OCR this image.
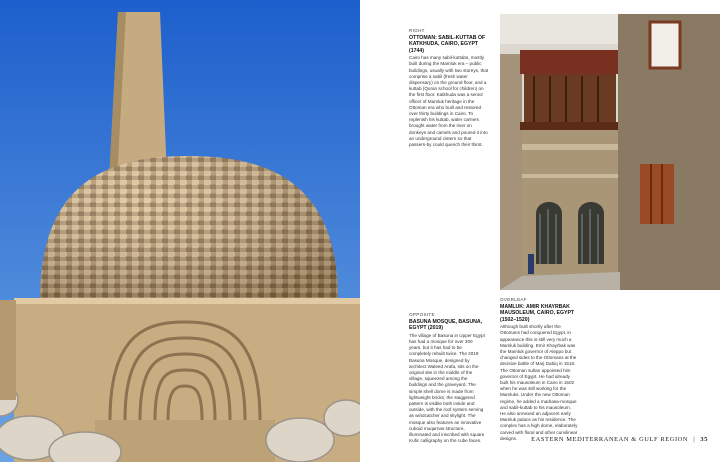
RIGHT
OTTOMAN: SABIL-KUTTAB OF KATKHUDA, CAIRO, EGYPT (1744)
Cairo has many sabil-kuttabs, mostly built during the Mamluk era – public buildings, usually with two storeys, that comprise a sabil (fresh water dispensary) on the ground floor, and a kuttab (Quran school for children) on the first floor. Katkhuda was a senior officer of Mamluk heritage in the Ottoman era who built and restored over thirty buildings in Cairo. To replenish his kuttab, water carriers brought water from the river on donkeys and camels and poured it into an underground cistern so that passers-by could quench their thirst.
OPPOSITE
BASUNA MOSQUE, BASUNA, EGYPT (2019)
The village of Basuna in Upper Egypt has had a mosque for over 300 years, but it has had to be completely rebuilt twice. The 2019 Basuna Mosque, designed by architect Waleed Arafa, sits on the original site in the middle of the village, squeezed among the buildings and the graveyard. The simple shell dome is made from lightweight bricks; the staggered pattern is visible both inside and outside, with the roof system serving as windcatcher and skylight. The mosque also features an innovative cuboid muqarnas structure, illuminated and inscribed with square Kufic calligraphy on the cube faces.
OVERLEAF
MAMLUK: AMIR KHAYRBAK MAUSOLEUM, CAIRO, EGYPT (1502–1520)
Although built shortly after the Ottomans had conquered Egypt, in appearance this is still very much a Mamluk building. Emir Khayrbak was the Mamluk governor of Aleppo but changed sides to the Ottomans at the decisive battle of Marj Dabiq in 1516. The Ottoman sultan appointed him governor of Egypt. He had already built his mausoleum in Cairo in 1502 when he was still working for the Mamluks. Under the new Ottoman regime, he added a madrasa-mosque and sabil-kuttab to his mausoleum. He also annexed an adjacent early Mamluk palace as his residence. The complex has a high dome, elaborately carved with floral and other curvilinear designs.	EASTERN MEDITERRANEAN & GULF REGION | 35
